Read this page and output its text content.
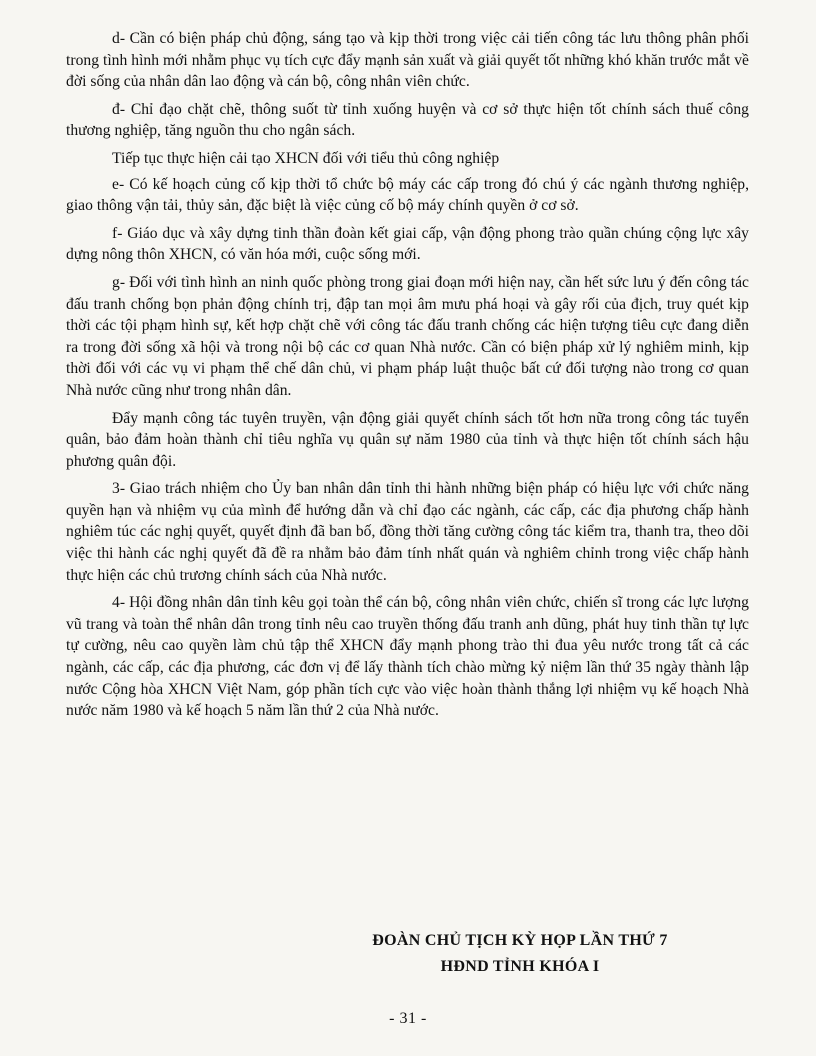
d- Cần có biện pháp chủ động, sáng tạo và kịp thời trong việc cải tiến công tác lưu thông phân phối trong tình hình mới nhằm phục vụ tích cực đẩy mạnh sản xuất và giải quyết tốt những khó khăn trước mắt về đời sống của nhân dân lao động và cán bộ, công nhân viên chức.

đ- Chỉ đạo chặt chẽ, thông suốt từ tỉnh xuống huyện và cơ sở thực hiện tốt chính sách thuế công thương nghiệp, tăng nguồn thu cho ngân sách.

Tiếp tục thực hiện cải tạo XHCN đối với tiểu thủ công nghiệp

e- Có kế hoạch củng cố kịp thời tổ chức bộ máy các cấp trong đó chú ý các ngành thương nghiệp, giao thông vận tải, thủy sản, đặc biệt là việc củng cố bộ máy chính quyền ở cơ sở.

f- Giáo dục và xây dựng tinh thần đoàn kết giai cấp, vận động phong trào quần chúng cộng lực xây dựng nông thôn XHCN, có văn hóa mới, cuộc sống mới.

g- Đối với tình hình an ninh quốc phòng trong giai đoạn mới hiện nay, cần hết sức lưu ý đến công tác đấu tranh chống bọn phản động chính trị, đập tan mọi âm mưu phá hoại và gây rối của địch, truy quét kịp thời các tội phạm hình sự, kết hợp chặt chẽ với công tác đấu tranh chống các hiện tượng tiêu cực đang diễn ra trong đời sống xã hội và trong nội bộ các cơ quan Nhà nước. Cần có biện pháp xử lý nghiêm minh, kịp thời đối với các vụ vi phạm thể chế dân chủ, vi phạm pháp luật thuộc bất cứ đối tượng nào trong cơ quan Nhà nước cũng như trong nhân dân.

Đẩy mạnh công tác tuyên truyền, vận động giải quyết chính sách tốt hơn nữa trong công tác tuyển quân, bảo đảm hoàn thành chỉ tiêu nghĩa vụ quân sự năm 1980 của tỉnh và thực hiện tốt chính sách hậu phương quân đội.

3- Giao trách nhiệm cho Ủy ban nhân dân tỉnh thi hành những biện pháp có hiệu lực với chức năng quyền hạn và nhiệm vụ của mình để hướng dẫn và chỉ đạo các ngành, các cấp, các địa phương chấp hành nghiêm túc các nghị quyết, quyết định đã ban bố, đồng thời tăng cường công tác kiểm tra, thanh tra, theo dõi việc thi hành các nghị quyết đã đề ra nhằm bảo đảm tính nhất quán và nghiêm chỉnh trong việc chấp hành thực hiện các chủ trương chính sách của Nhà nước.

4- Hội đồng nhân dân tỉnh kêu gọi toàn thể cán bộ, công nhân viên chức, chiến sĩ trong các lực lượng vũ trang và toàn thể nhân dân trong tỉnh nêu cao truyền thống đấu tranh anh dũng, phát huy tinh thần tự lực tự cường, nêu cao quyền làm chủ tập thể XHCN đẩy mạnh phong trào thi đua yêu nước trong tất cả các ngành, các cấp, các địa phương, các đơn vị để lấy thành tích chào mừng kỷ niệm lần thứ 35 ngày thành lập nước Cộng hòa XHCN Việt Nam, góp phần tích cực vào việc hoàn thành thắng lợi nhiệm vụ kế hoạch Nhà nước năm 1980 và kế hoạch 5 năm lần thứ 2 của Nhà nước.

ĐOÀN CHỦ TỊCH KỲ HỌP LẦN THỨ 7
HĐND TỈNH KHÓA I
- 31 -
